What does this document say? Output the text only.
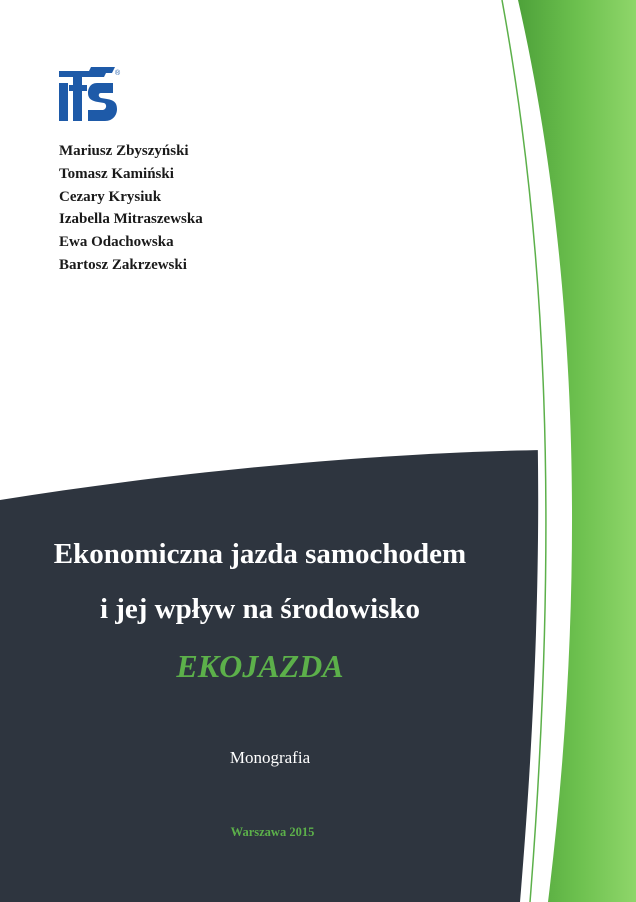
®
Mariusz Zbyszyński
Tomasz Kamiński
Cezary Krysiuk
Izabella Mitraszewska
Ewa Odachowska
Bartosz Zakrzewski
Ekonomiczna jazda samochodem
i jej wpływ na środowisko
EKOJAZDA
Monografia
Warszawa 2015
